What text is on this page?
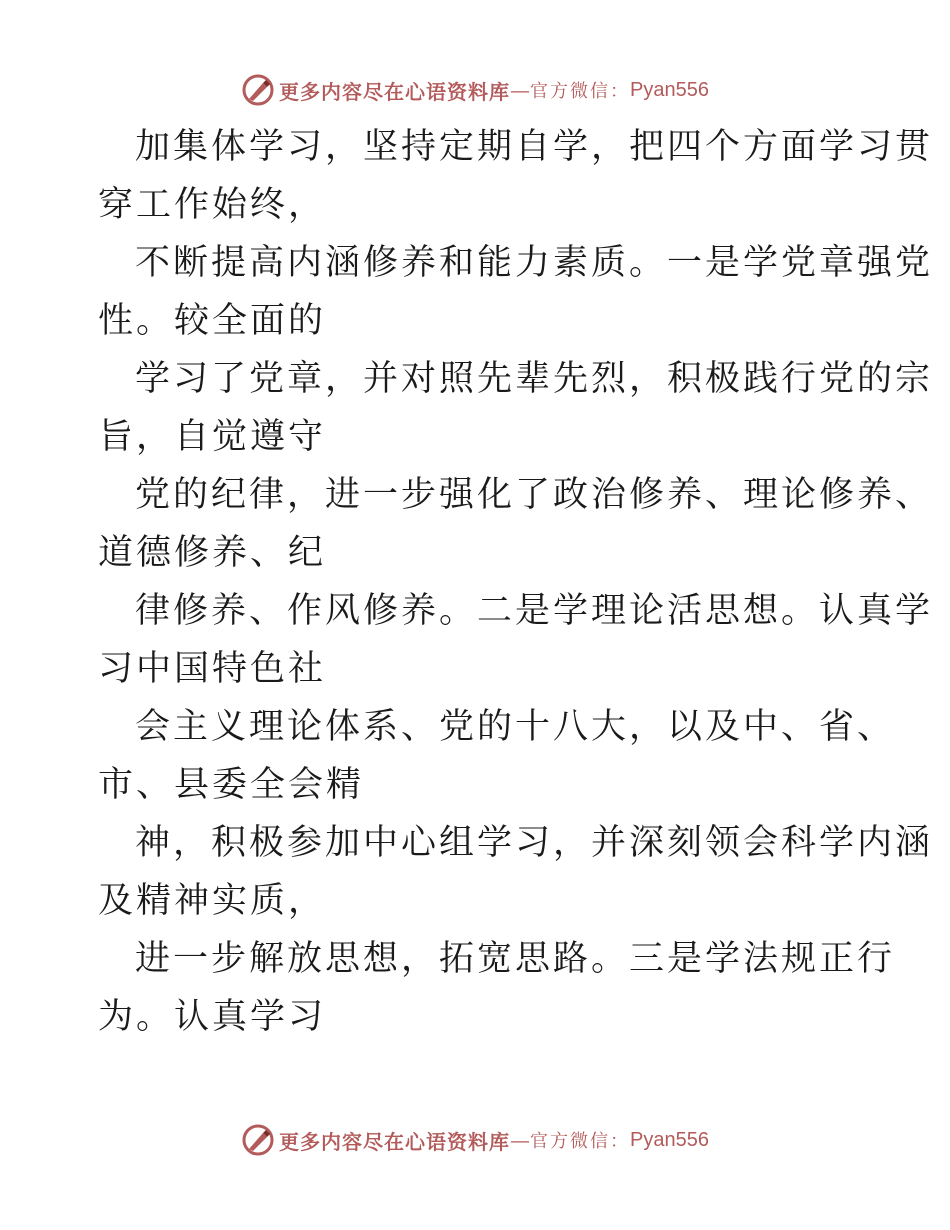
更多内容尽在心语资料库 — 官方微信： Pyan556
加集体学习，坚持定期自学，把四个方面学习贯
穿工作始终，
不断提高内涵修养和能力素质。一是学党章强党
性。较全面的
学习了党章，并对照先辈先烈，积极践行党的宗
旨，自觉遵守
党的纪律，进一步强化了政治修养、理论修养、
道德修养、纪
律修养、作风修养。二是学理论活思想。认真学
习中国特色社
会主义理论体系、党的十八大，以及中、省、
市、县委全会精
神，积极参加中心组学习，并深刻领会科学内涵
及精神实质，
进一步解放思想，拓宽思路。三是学法规正行
为。认真学习
更多内容尽在心语资料库 — 官方微信： Pyan556
